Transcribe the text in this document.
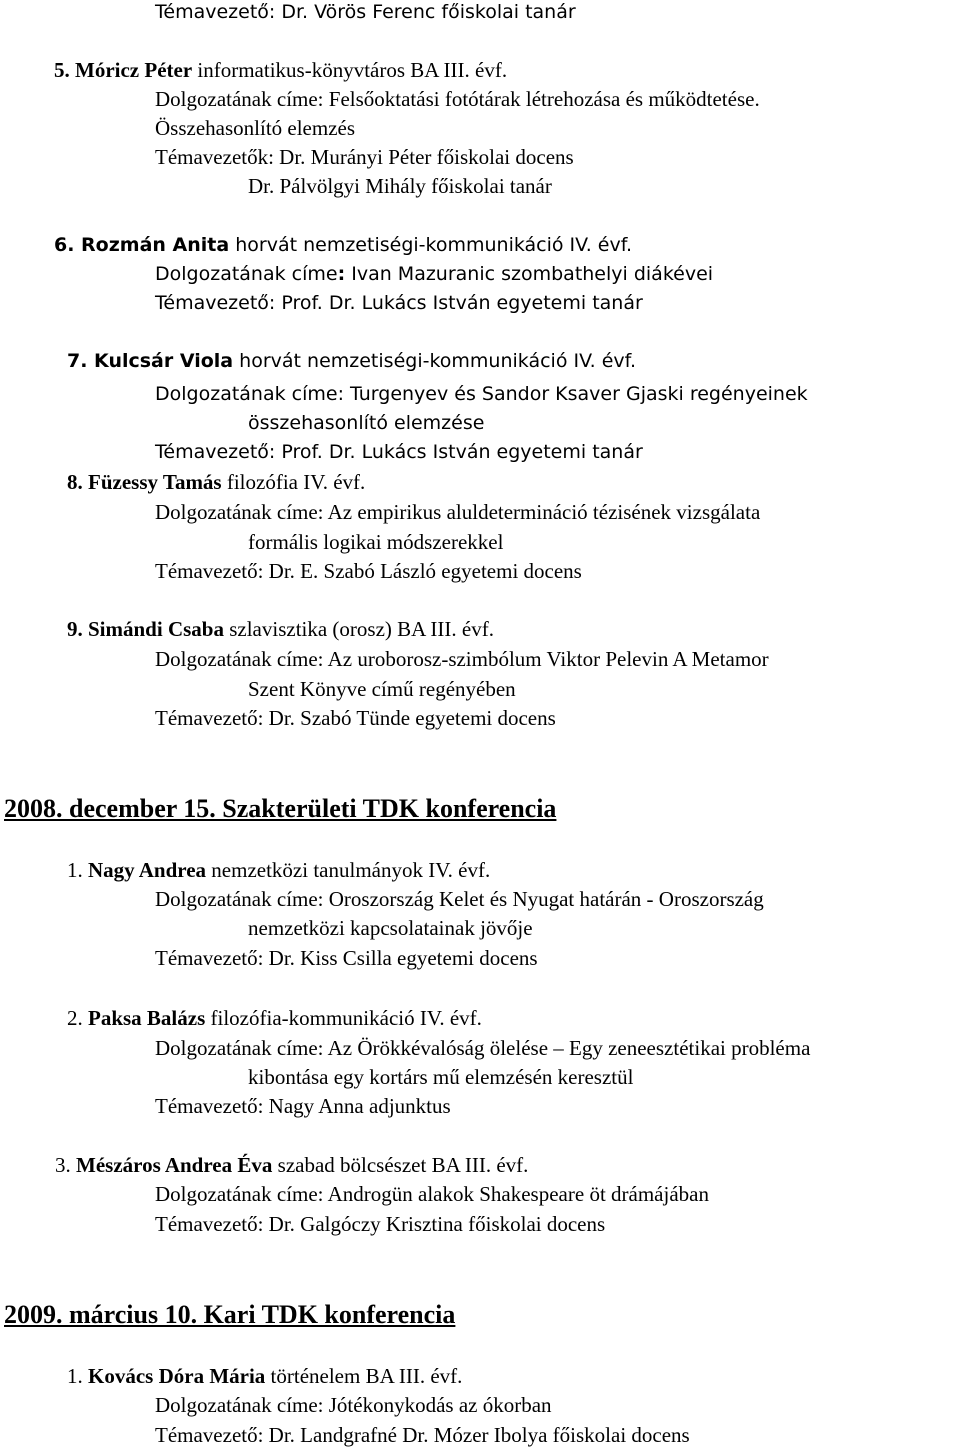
Témavezető: Dr. Vörös Ferenc főiskolai tanár
5. Móricz Péter informatikus-könyvtáros BA III. évf.
Dolgozatának címe: Felsőoktatási fotótárak létrehozása és működtetése.
Összehasonlító elemzés
Témavezetők: Dr. Murányi Péter főiskolai docens
Dr. Pálvölgyi Mihály főiskolai tanár
6. Rozmán Anita horvát nemzetiségi-kommunikáció IV. évf.
Dolgozatának címe: Ivan Mazuranic szombathelyi diákévei
Témavezető: Prof. Dr. Lukács István egyetemi tanár
7. Kulcsár Viola horvát nemzetiségi-kommunikáció IV. évf.
Dolgozatának címe: Turgenyev és Sandor Ksaver Gjaski regényeinek
összehasonlító elemzése
Témavezető: Prof. Dr. Lukács István egyetemi tanár
8. Füzessy Tamás filozófia IV. évf.
Dolgozatának címe: Az empirikus aluldetermináció tézisének vizsgálata
formális logikai módszerekkel
Témavezető: Dr. E. Szabó László egyetemi docens
9. Simándi Csaba szlavisztika (orosz) BA III. évf.
Dolgozatának címe: Az uroborosz-szimbólum Viktor Pelevin A Metamor
Szent Könyve című regényében
Témavezető: Dr. Szabó Tünde egyetemi docens
2008. december 15. Szakterületi TDK konferencia
1. Nagy Andrea nemzetközi tanulmányok IV. évf.
Dolgozatának címe: Oroszország Kelet és Nyugat határán - Oroszország
nemzetközi kapcsolatainak jövője
Témavezető: Dr. Kiss Csilla egyetemi docens
2. Paksa Balázs filozófia-kommunikáció IV. évf.
Dolgozatának címe: Az Örökkévalóság ölelése – Egy zeneesztétikai probléma
kibontása egy kortárs mű elemzésén keresztül
Témavezető: Nagy Anna adjunktus
3. Mészáros Andrea Éva szabad bölcsészet BA III. évf.
Dolgozatának címe: Androgün alakok Shakespeare öt drámájában
Témavezető: Dr. Galgóczy Krisztina főiskolai docens
2009. március 10. Kari TDK konferencia
1. Kovács Dóra Mária történelem BA III. évf.
Dolgozatának címe: Jótékonykodás az ókorban
Témavezető: Dr. Landgrafné Dr. Mózer Ibolya főiskolai docens
